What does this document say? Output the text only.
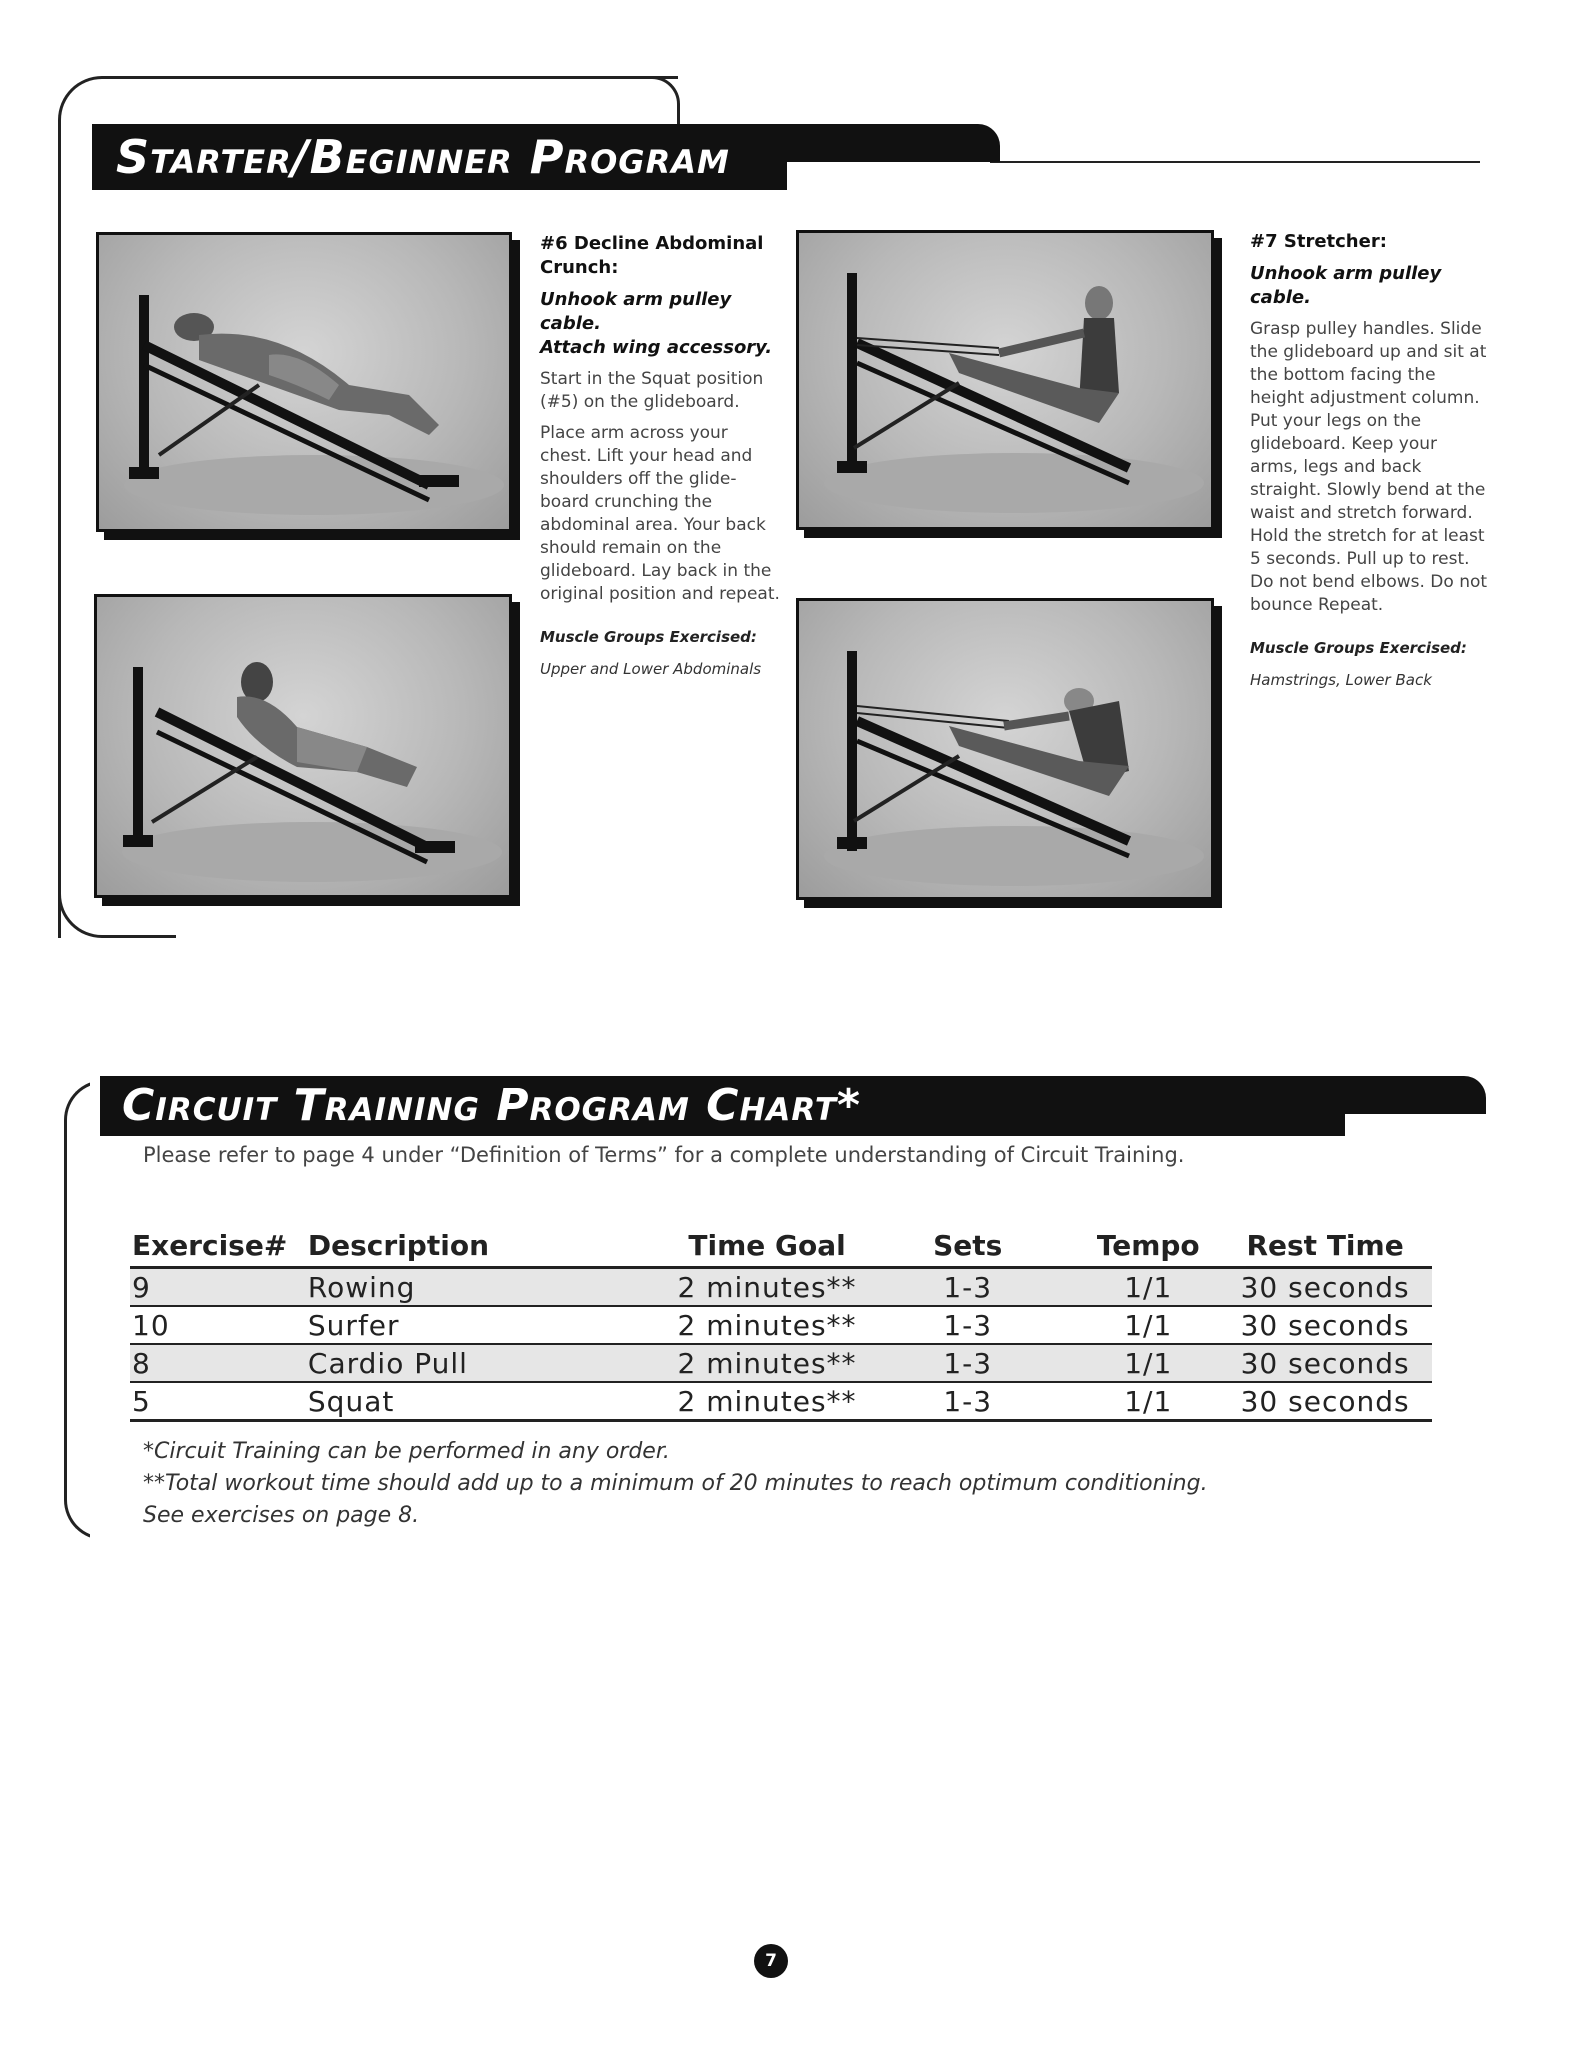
Starter/Beginner Program

#6 Decline Abdominal Crunch:

Unhook arm pulley cable.

Attach wing accessory.

Start in the Squat position (#5) on the glideboard.

Place arm across your chest. Lift your head and shoulders off the glide-board crunching the abdominal area. Your back should remain on the glideboard. Lay back in the original position and repeat.

Muscle Groups Exercised:

Upper and Lower Abdominals

#7 Stretcher:

Unhook arm pulley cable.

Grasp pulley handles. Slide the glideboard up and sit at the bottom facing the height adjustment column. Put your legs on the glideboard. Keep your arms, legs and back straight. Slowly bend at the waist and stretch forward. Hold the stretch for at least 5 seconds. Pull up to rest. Do not bend elbows. Do not bounce Repeat.

Muscle Groups Exercised:

Hamstrings, Lower Back

Circuit Training Program Chart*
Please refer to page 4 under “Definition of Terms” for a complete understanding of Circuit Training.
Exercise#	Description	Time Goal	Sets	Tempo	Rest Time
9	Rowing	2 minutes**	1-3	1/1	30 seconds
10	Surfer	2 minutes**	1-3	1/1	30 seconds
8	Cardio Pull	2 minutes**	1-3	1/1	30 seconds
5	Squat	2 minutes**	1-3	1/1	30 seconds

*Circuit Training can be performed in any order.

**Total workout time should add up to a minimum of 20 minutes to reach optimum conditioning.

See exercises on page 8.

7
